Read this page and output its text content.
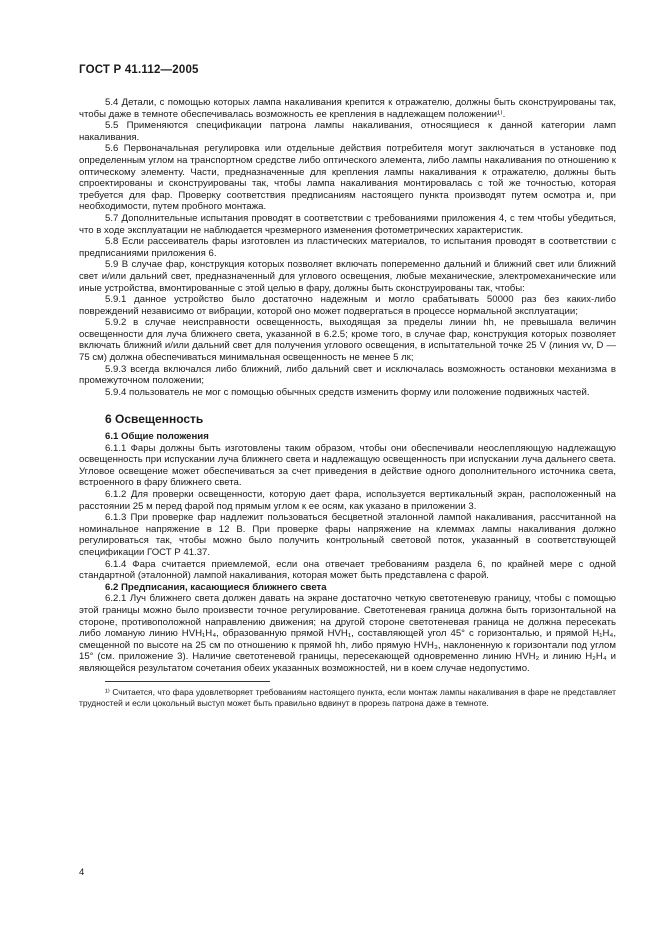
ГОСТ Р 41.112—2005

5.4 Детали, с помощью которых лампа накаливания крепится к отражателю, должны быть сконструированы так, чтобы даже в темноте обеспечивалась возможность ее крепления в надлежащем положении¹⁾.

5.5 Применяются спецификации патрона лампы накаливания, относящиеся к данной категории ламп накаливания.

5.6 Первоначальная регулировка или отдельные действия потребителя могут заключаться в установке под определенным углом на транспортном средстве либо оптического элемента, либо лампы накаливания по отношению к оптическому элементу. Части, предназначенные для крепления лампы накаливания к отражателю, должны быть спроектированы и сконструированы так, чтобы лампа накаливания монтировалась с той же точностью, которая требуется для фар. Проверку соответствия предписаниям настоящего пункта производят путем осмотра и, при необходимости, путем пробного монтажа.

5.7 Дополнительные испытания проводят в соответствии с требованиями приложения 4, с тем чтобы убедиться, что в ходе эксплуатации не наблюдается чрезмерного изменения фотометрических характеристик.

5.8 Если рассеиватель фары изготовлен из пластических материалов, то испытания проводят в соответствии с предписаниями приложения 6.

5.9 В случае фар, конструкция которых позволяет включать попеременно дальний и ближний свет или ближний свет и/или дальний свет, предназначенный для углового освещения, любые механические, электромеханические или иные устройства, вмонтированные с этой целью в фару, должны быть сконструированы так, чтобы:

5.9.1 данное устройство было достаточно надежным и могло срабатывать 50000 раз без каких-либо повреждений независимо от вибрации, которой оно может подвергаться в процессе нормальной эксплуатации;

5.9.2 в случае неисправности освещенность, выходящая за пределы линии hh, не превышала величин освещенности для луча ближнего света, указанной в 6.2.5; кроме того, в случае фар, конструкция которых позволяет включать ближний и/или дальний свет для получения углового освещения, в испытательной точке 25 V (линия vv, D — 75 см) должна обеспечиваться минимальная освещенность не менее 5 лк;

5.9.3 всегда включался либо ближний, либо дальний свет и исключалась возможность остановки механизма в промежуточном положении;

5.9.4 пользователь не мог с помощью обычных средств изменить форму или положение подвижных частей.

6 Освещенность

6.1 Общие положения

6.1.1 Фары должны быть изготовлены таким образом, чтобы они обеспечивали неослепляющую надлежащую освещенность при испускании луча ближнего света и надлежащую освещенность при испускании луча дальнего света. Угловое освещение может обеспечиваться за счет приведения в действие одного дополнительного источника света, встроенного в фару ближнего света.

6.1.2 Для проверки освещенности, которую дает фара, используется вертикальный экран, расположенный на расстоянии 25 м перед фарой под прямым углом к ее осям, как указано в приложении 3.

6.1.3 При проверке фар надлежит пользоваться бесцветной эталонной лампой накаливания, рассчитанной на номинальное напряжение в 12 В. При проверке фары напряжение на клеммах лампы накаливания должно регулироваться так, чтобы можно было получить контрольный световой поток, указанный в соответствующей спецификации ГОСТ Р 41.37.

6.1.4 Фара считается приемлемой, если она отвечает требованиям раздела 6, по крайней мере с одной стандартной (эталонной) лампой накаливания, которая может быть представлена с фарой.

6.2 Предписания, касающиеся ближнего света

6.2.1 Луч ближнего света должен давать на экране достаточно четкую светотеневую границу, чтобы с помощью этой границы можно было произвести точное регулирование. Светотеневая граница должна быть горизонтальной на стороне, противоположной направлению движения; на другой стороне светотеневая граница не должна пересекать либо ломаную линию HVH₁H₄, образованную прямой HVH₁, составляющей угол 45° с горизонталью, и прямой H₁H₄, смещенной по высоте на 25 см по отношению к прямой hh, либо прямую HVH₃, наклоненную к горизонтали под углом 15° (см. приложение 3). Наличие светотеневой границы, пересекающей одновременно линию HVH₂ и линию H₂H₄ и являющейся результатом сочетания обеих указанных возможностей, ни в коем случае недопустимо.

¹⁾ Считается, что фара удовлетворяет требованиям настоящего пункта, если монтаж лампы накаливания в фаре не представляет трудностей и если цокольный выступ может быть правильно вдвинут в прорезь патрона даже в темноте.

4
